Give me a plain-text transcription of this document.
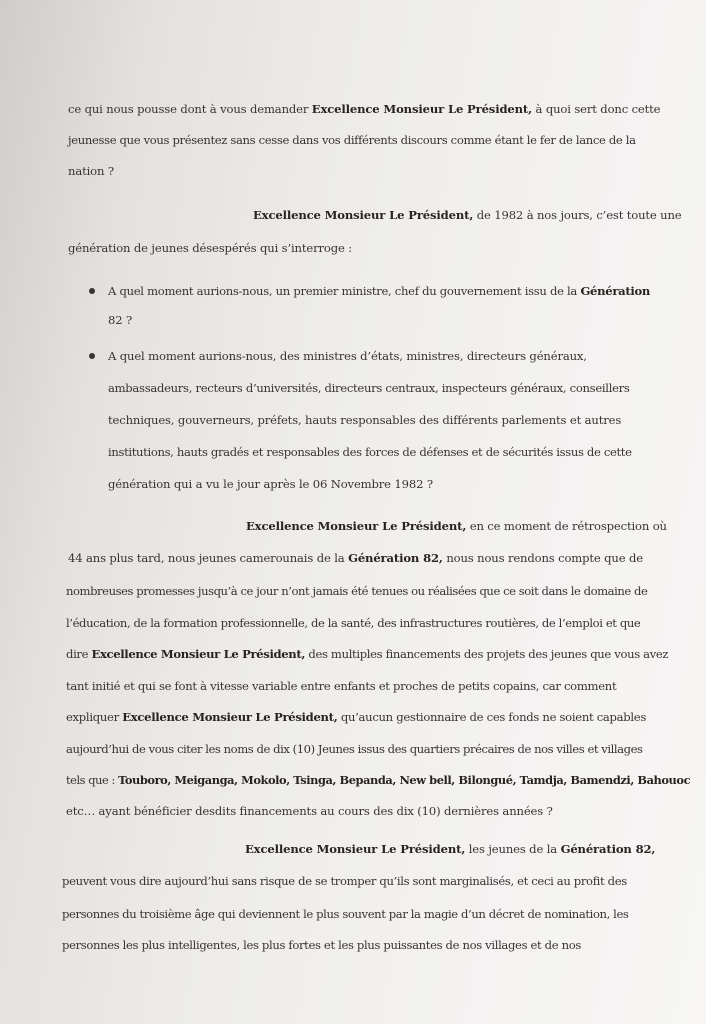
ce qui nous pousse dont à vous demander Excellence Monsieur Le Président, à quoi sert donc cette
jeunesse que vous présentez sans cesse dans vos différents discours comme étant le fer de lance de la
nation ?
Excellence Monsieur Le Président, de 1982 à nos jours, c’est toute une
génération de jeunes désespérés qui s’interroge :
A quel moment aurions-nous, un premier ministre, chef du gouvernement issu de la Génération
82 ?
A quel moment aurions-nous, des ministres d’états, ministres, directeurs généraux,
ambassadeurs, recteurs d’universités, directeurs centraux, inspecteurs généraux, conseillers
techniques, gouverneurs, préfets, hauts responsables des différents parlements et autres
institutions, hauts gradés et responsables des forces de défenses et de sécurités issus de cette
génération qui a vu le jour après le 06 Novembre 1982 ?
Excellence Monsieur Le Président, en ce moment de rétrospection où
44 ans plus tard, nous jeunes camerounais de la Génération 82, nous nous rendons compte que de
nombreuses promesses jusqu’à ce jour n’ont jamais été tenues ou réalisées que ce soit dans le domaine de
l’éducation, de la formation professionnelle, de la santé, des infrastructures routières, de l’emploi et que
dire Excellence Monsieur Le Président, des multiples financements des projets des jeunes que vous avez
tant initié et qui se font à vitesse variable entre enfants et proches de petits copains, car comment
expliquer Excellence Monsieur Le Président, qu’aucun gestionnaire de ces fonds ne soient capables
aujourd’hui de vous citer les noms de dix (10) Jeunes issus des quartiers précaires de nos villes et villages
tels que : Touboro, Meiganga, Mokolo, Tsinga, Bepanda, New bell, Bilongué, Tamdja, Bamendzi, Bahouoc
etc… ayant bénéficier desdits financements au cours des dix (10) dernières années ?
Excellence Monsieur Le Président, les jeunes de la Génération 82,
peuvent vous dire aujourd’hui sans risque de se tromper qu’ils sont marginalisés, et ceci au profit des
personnes du troisième âge qui deviennent le plus souvent par la magie d’un décret de nomination, les
personnes les plus intelligentes, les plus fortes et les plus puissantes de nos villages et de nos
